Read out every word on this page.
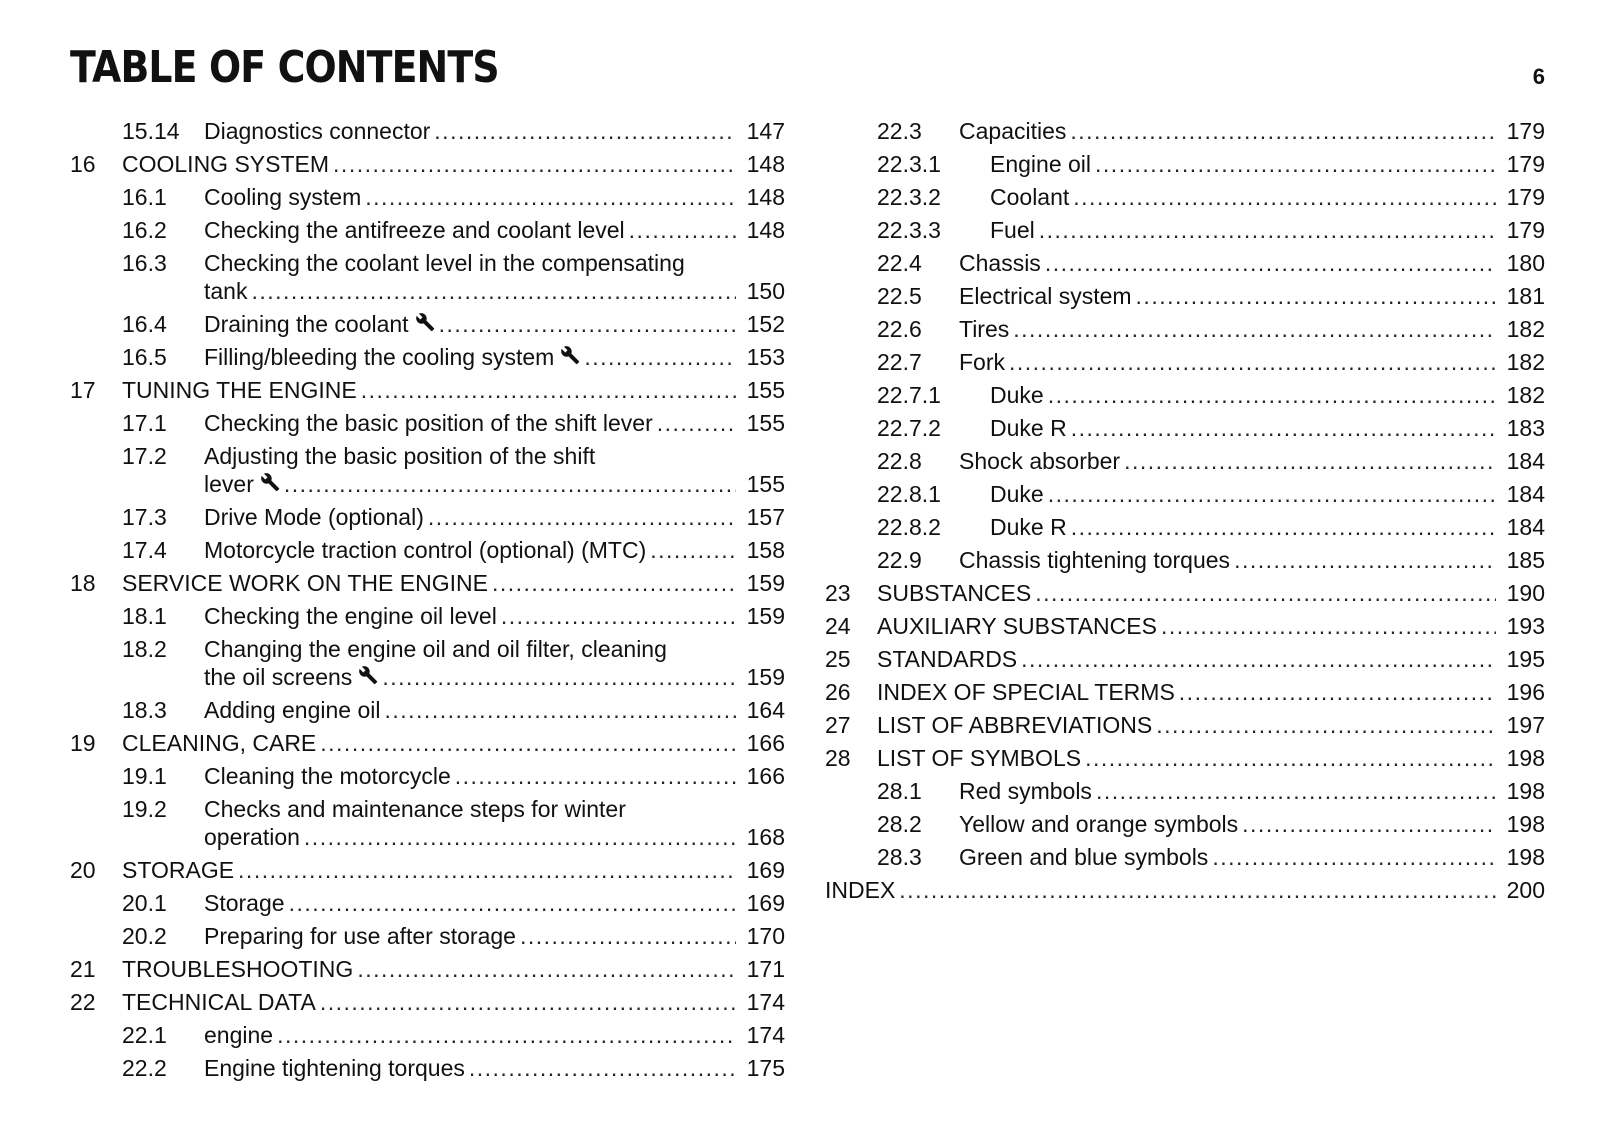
TABLE OF CONTENTS	6
15.14	Diagnostics connector .....	147
16	COOLING SYSTEM .....	148
16.1	Cooling system .....	148
16.2	Checking the antifreeze and coolant level .....	148
16.3	Checking the coolant level in the compensating
tank .....	150
16.4	Draining the coolant .....	152
16.5	Filling/bleeding the cooling system .....	153
17	TUNING THE ENGINE .....	155
17.1	Checking the basic position of the shift lever .....	155
17.2	Adjusting the basic position of the shift
lever .....	155
17.3	Drive Mode (optional) .....	157
17.4	Motorcycle traction control (optional) (MTC) .....	158
18	SERVICE WORK ON THE ENGINE .....	159
18.1	Checking the engine oil level .....	159
18.2	Changing the engine oil and oil filter, cleaning
the oil screens .....	159
18.3	Adding engine oil .....	164
19	CLEANING, CARE .....	166
19.1	Cleaning the motorcycle .....	166
19.2	Checks and maintenance steps for winter
operation .....	168
20	STORAGE .....	169
20.1	Storage .....	169
20.2	Preparing for use after storage .....	170
21	TROUBLESHOOTING .....	171
22	TECHNICAL DATA .....	174
22.1	engine .....	174
22.2	Engine tightening torques .....	175
22.3	Capacities .....	179
22.3.1	Engine oil .....	179
22.3.2	Coolant .....	179
22.3.3	Fuel .....	179
22.4	Chassis .....	180
22.5	Electrical system .....	181
22.6	Tires .....	182
22.7	Fork .....	182
22.7.1	Duke .....	182
22.7.2	Duke R .....	183
22.8	Shock absorber .....	184
22.8.1	Duke .....	184
22.8.2	Duke R .....	184
22.9	Chassis tightening torques .....	185
23	SUBSTANCES .....	190
24	AUXILIARY SUBSTANCES .....	193
25	STANDARDS .....	195
26	INDEX OF SPECIAL TERMS .....	196
27	LIST OF ABBREVIATIONS .....	197
28	LIST OF SYMBOLS .....	198
28.1	Red symbols .....	198
28.2	Yellow and orange symbols .....	198
28.3	Green and blue symbols .....	198
INDEX .....	200
